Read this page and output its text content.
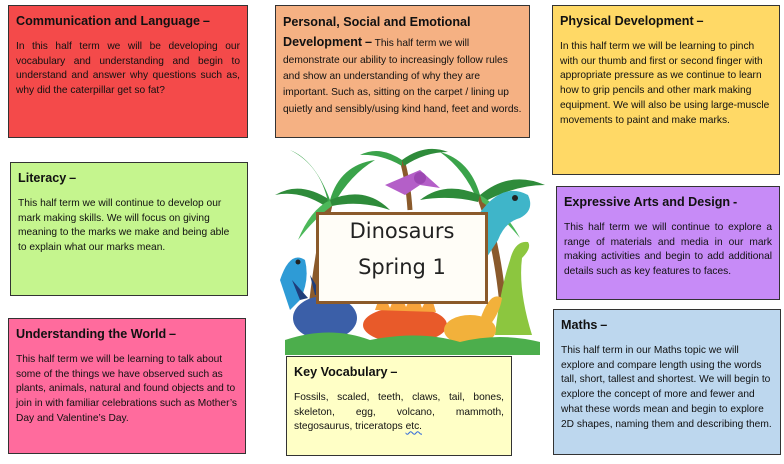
Communication and Language –

In this half term we will be developing our vocabulary and understanding and begin to understand and answer why questions such as, why did the caterpillar get so fat?

Personal, Social and Emotional Development – This half term we will demonstrate our ability to increasingly follow rules and show an understanding of why they are important. Such as, sitting on the carpet / lining up quietly and sensibly/using kind hand, feet and words.

Physical Development –

In this half term we will be learning to pinch with our thumb and first or second finger with appropriate pressure as we continue to learn how to grip pencils and other mark making equipment. We will also be using large-muscle movements to paint and make marks.

Literacy –

This half term we will continue to develop our mark making skills. We will focus on giving meaning to the marks we make and being able to explain what our marks mean.

Expressive Arts and Design -

This half term we will continue to explore a range of materials and media in our mark making activities and begin to add additional details such as key features to faces.

Understanding the World –

This half term we will be learning to talk about some of the things we have observed such as plants, animals, natural and found objects and to join in with familiar celebrations such as Mother’s Day and Valentine’s Day.

Key Vocabulary –

Fossils, scaled, teeth, claws, tail, bones, skeleton, egg, volcano, mammoth, stegosaurus, triceratops etc.

Maths –

This half term in our Maths topic we will explore and compare length using the words tall, short, tallest and shortest. We will begin to explore the concept of more and fewer and what these words mean and begin to explore 2D shapes, naming them and describing them.

Dinosaurs
Spring 1
